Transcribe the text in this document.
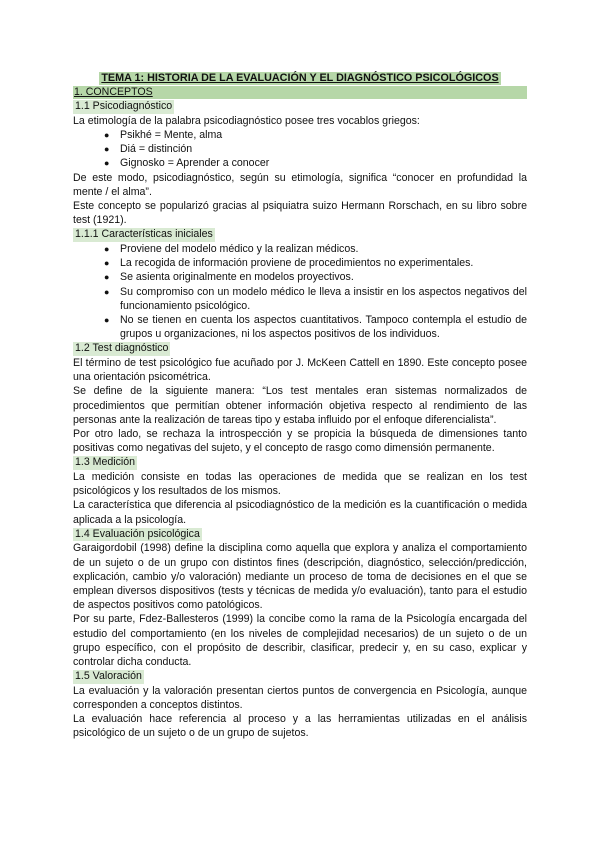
TEMA 1: HISTORIA DE LA EVALUACIÓN Y EL DIAGNÓSTICO PSICOLÓGICOS
1. CONCEPTOS
1.1 Psicodiagnóstico

La etimología de la palabra psicodiagnóstico posee tres vocablos griegos:

● Psikhé = Mente, alma
● Diá = distinción
● Gignosko = Aprender a conocer

De este modo, psicodiagnóstico, según su etimología, significa “conocer en profundidad la mente / el alma”.

Este concepto se popularizó gracias al psiquiatra suizo Hermann Rorschach, en su libro sobre test (1921).

1.1.1 Características iniciales
● Proviene del modelo médico y la realizan médicos.
● La recogida de información proviene de procedimientos no experimentales.
● Se asienta originalmente en modelos proyectivos.
● Su compromiso con un modelo médico le lleva a insistir en los aspectos negativos del funcionamiento psicológico.
● No se tienen en cuenta los aspectos cuantitativos. Tampoco contempla el estudio de grupos u organizaciones, ni los aspectos positivos de los individuos.
1.2 Test diagnóstico

El término de test psicológico fue acuñado por J. McKeen Cattell en 1890. Este concepto posee una orientación psicométrica.

Se define de la siguiente manera: “Los test mentales eran sistemas normalizados de procedimientos que permitían obtener información objetiva respecto al rendimiento de las personas ante la realización de tareas tipo y estaba influido por el enfoque diferencialista”.

Por otro lado, se rechaza la introspección y se propicia la búsqueda de dimensiones tanto positivas como negativas del sujeto, y el concepto de rasgo como dimensión permanente.

1.3 Medición

La medición consiste en todas las operaciones de medida que se realizan en los test psicológicos y los resultados de los mismos.

La característica que diferencia al psicodiagnóstico de la medición es la cuantificación o medida aplicada a la psicología.

1.4 Evaluación psicológica

Garaigordobil (1998) define la disciplina como aquella que explora y analiza el comportamiento de un sujeto o de un grupo con distintos fines (descripción, diagnóstico, selección/predicción, explicación, cambio y/o valoración) mediante un proceso de toma de decisiones en el que se emplean diversos dispositivos (tests y técnicas de medida y/o evaluación), tanto para el estudio de aspectos positivos como patológicos.

Por su parte, Fdez-Ballesteros (1999) la concibe como la rama de la Psicología encargada del estudio del comportamiento (en los niveles de complejidad necesarios) de un sujeto o de un grupo específico, con el propósito de describir, clasificar, predecir y, en su caso, explicar y controlar dicha conducta.

1.5 Valoración

La evaluación y la valoración presentan ciertos puntos de convergencia en Psicología, aunque corresponden a conceptos distintos.

La evaluación hace referencia al proceso y a las herramientas utilizadas en el análisis psicológico de un sujeto o de un grupo de sujetos.
